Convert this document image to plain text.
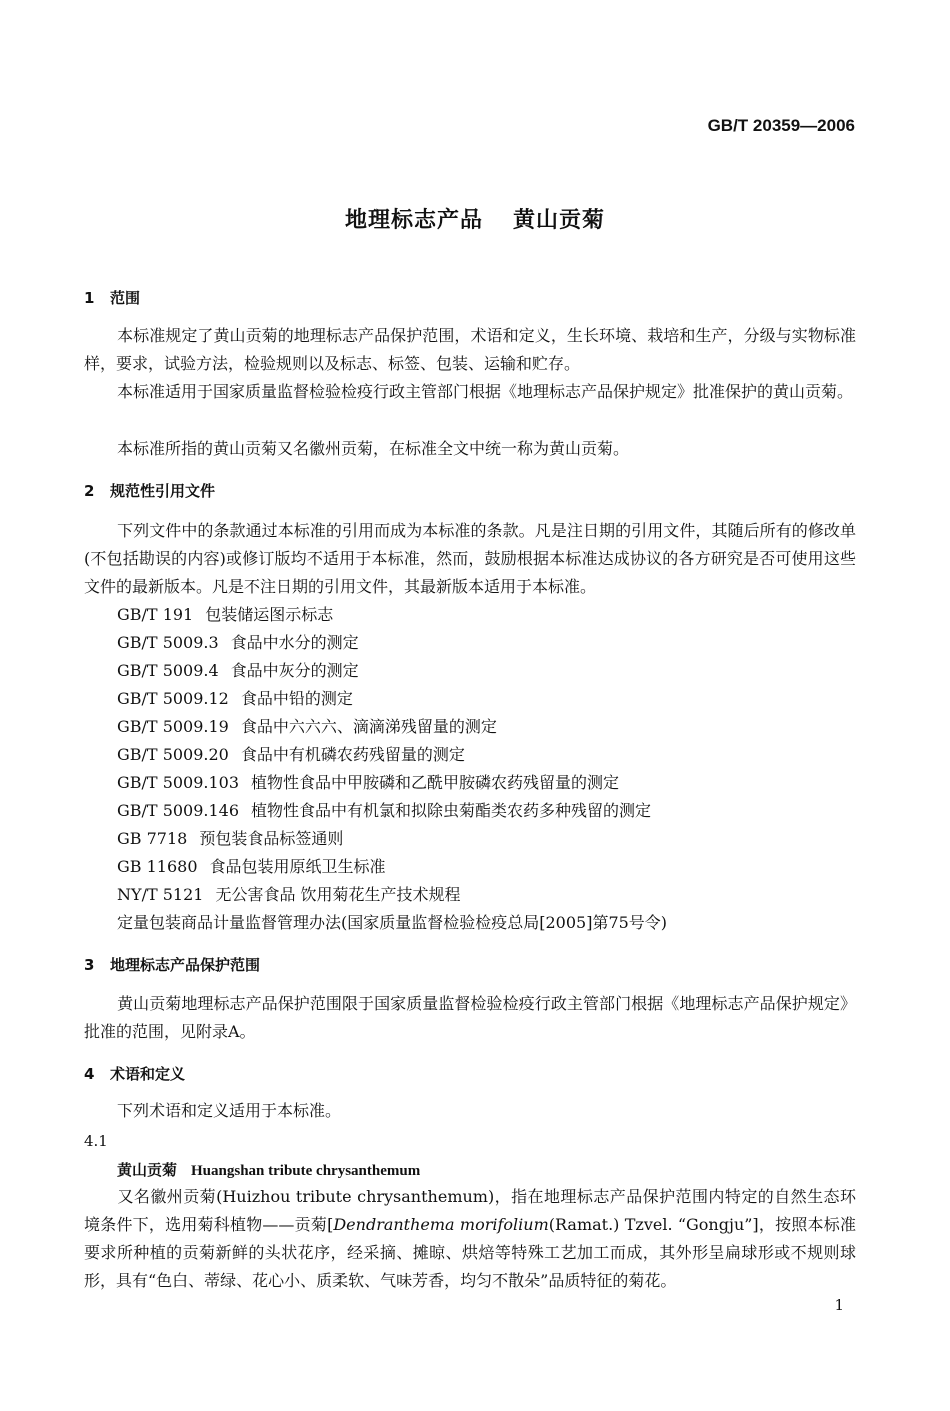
GB/T 20359—2006
地理标志产品 黄山贡菊
1 范围
本标准规定了黄山贡菊的地理标志产品保护范围，术语和定义，生长环境、栽培和生产，分级与实物标准样，要求，试验方法，检验规则以及标志、标签、包装、运输和贮存。
本标准适用于国家质量监督检验检疫行政主管部门根据《地理标志产品保护规定》批准保护的黄山贡菊。
本标准所指的黄山贡菊又名徽州贡菊，在标准全文中统一称为黄山贡菊。
2 规范性引用文件
下列文件中的条款通过本标准的引用而成为本标准的条款。凡是注日期的引用文件，其随后所有的修改单(不包括勘误的内容)或修订版均不适用于本标准，然而，鼓励根据本标准达成协议的各方研究是否可使用这些文件的最新版本。凡是不注日期的引用文件，其最新版本适用于本标准。
GB/T 191 包装储运图示标志
GB/T 5009.3 食品中水分的测定
GB/T 5009.4 食品中灰分的测定
GB/T 5009.12 食品中铅的测定
GB/T 5009.19 食品中六六六、滴滴涕残留量的测定
GB/T 5009.20 食品中有机磷农药残留量的测定
GB/T 5009.103 植物性食品中甲胺磷和乙酰甲胺磷农药残留量的测定
GB/T 5009.146 植物性食品中有机氯和拟除虫菊酯类农药多种残留的测定
GB 7718 预包装食品标签通则
GB 11680 食品包装用原纸卫生标准
NY/T 5121 无公害食品 饮用菊花生产技术规程
定量包装商品计量监督管理办法(国家质量监督检验检疫总局[2005]第75号令)
3 地理标志产品保护范围
黄山贡菊地理标志产品保护范围限于国家质量监督检验检疫行政主管部门根据《地理标志产品保护规定》批准的范围，见附录A。
4 术语和定义
下列术语和定义适用于本标准。
4.1
黄山贡菊 Huangshan tribute chrysanthemum
又名徽州贡菊(Huizhou tribute chrysanthemum)，指在地理标志产品保护范围内特定的自然生态环境条件下，选用菊科植物——贡菊[Dendranthema morifolium(Ramat.) Tzvel. “Gongju”]，按照本标准要求所种植的贡菊新鲜的头状花序，经采摘、摊晾、烘焙等特殊工艺加工而成，其外形呈扁球形或不规则球形，具有“色白、蒂绿、花心小、质柔软、气味芳香，均匀不散朵”品质特征的菊花。
1
